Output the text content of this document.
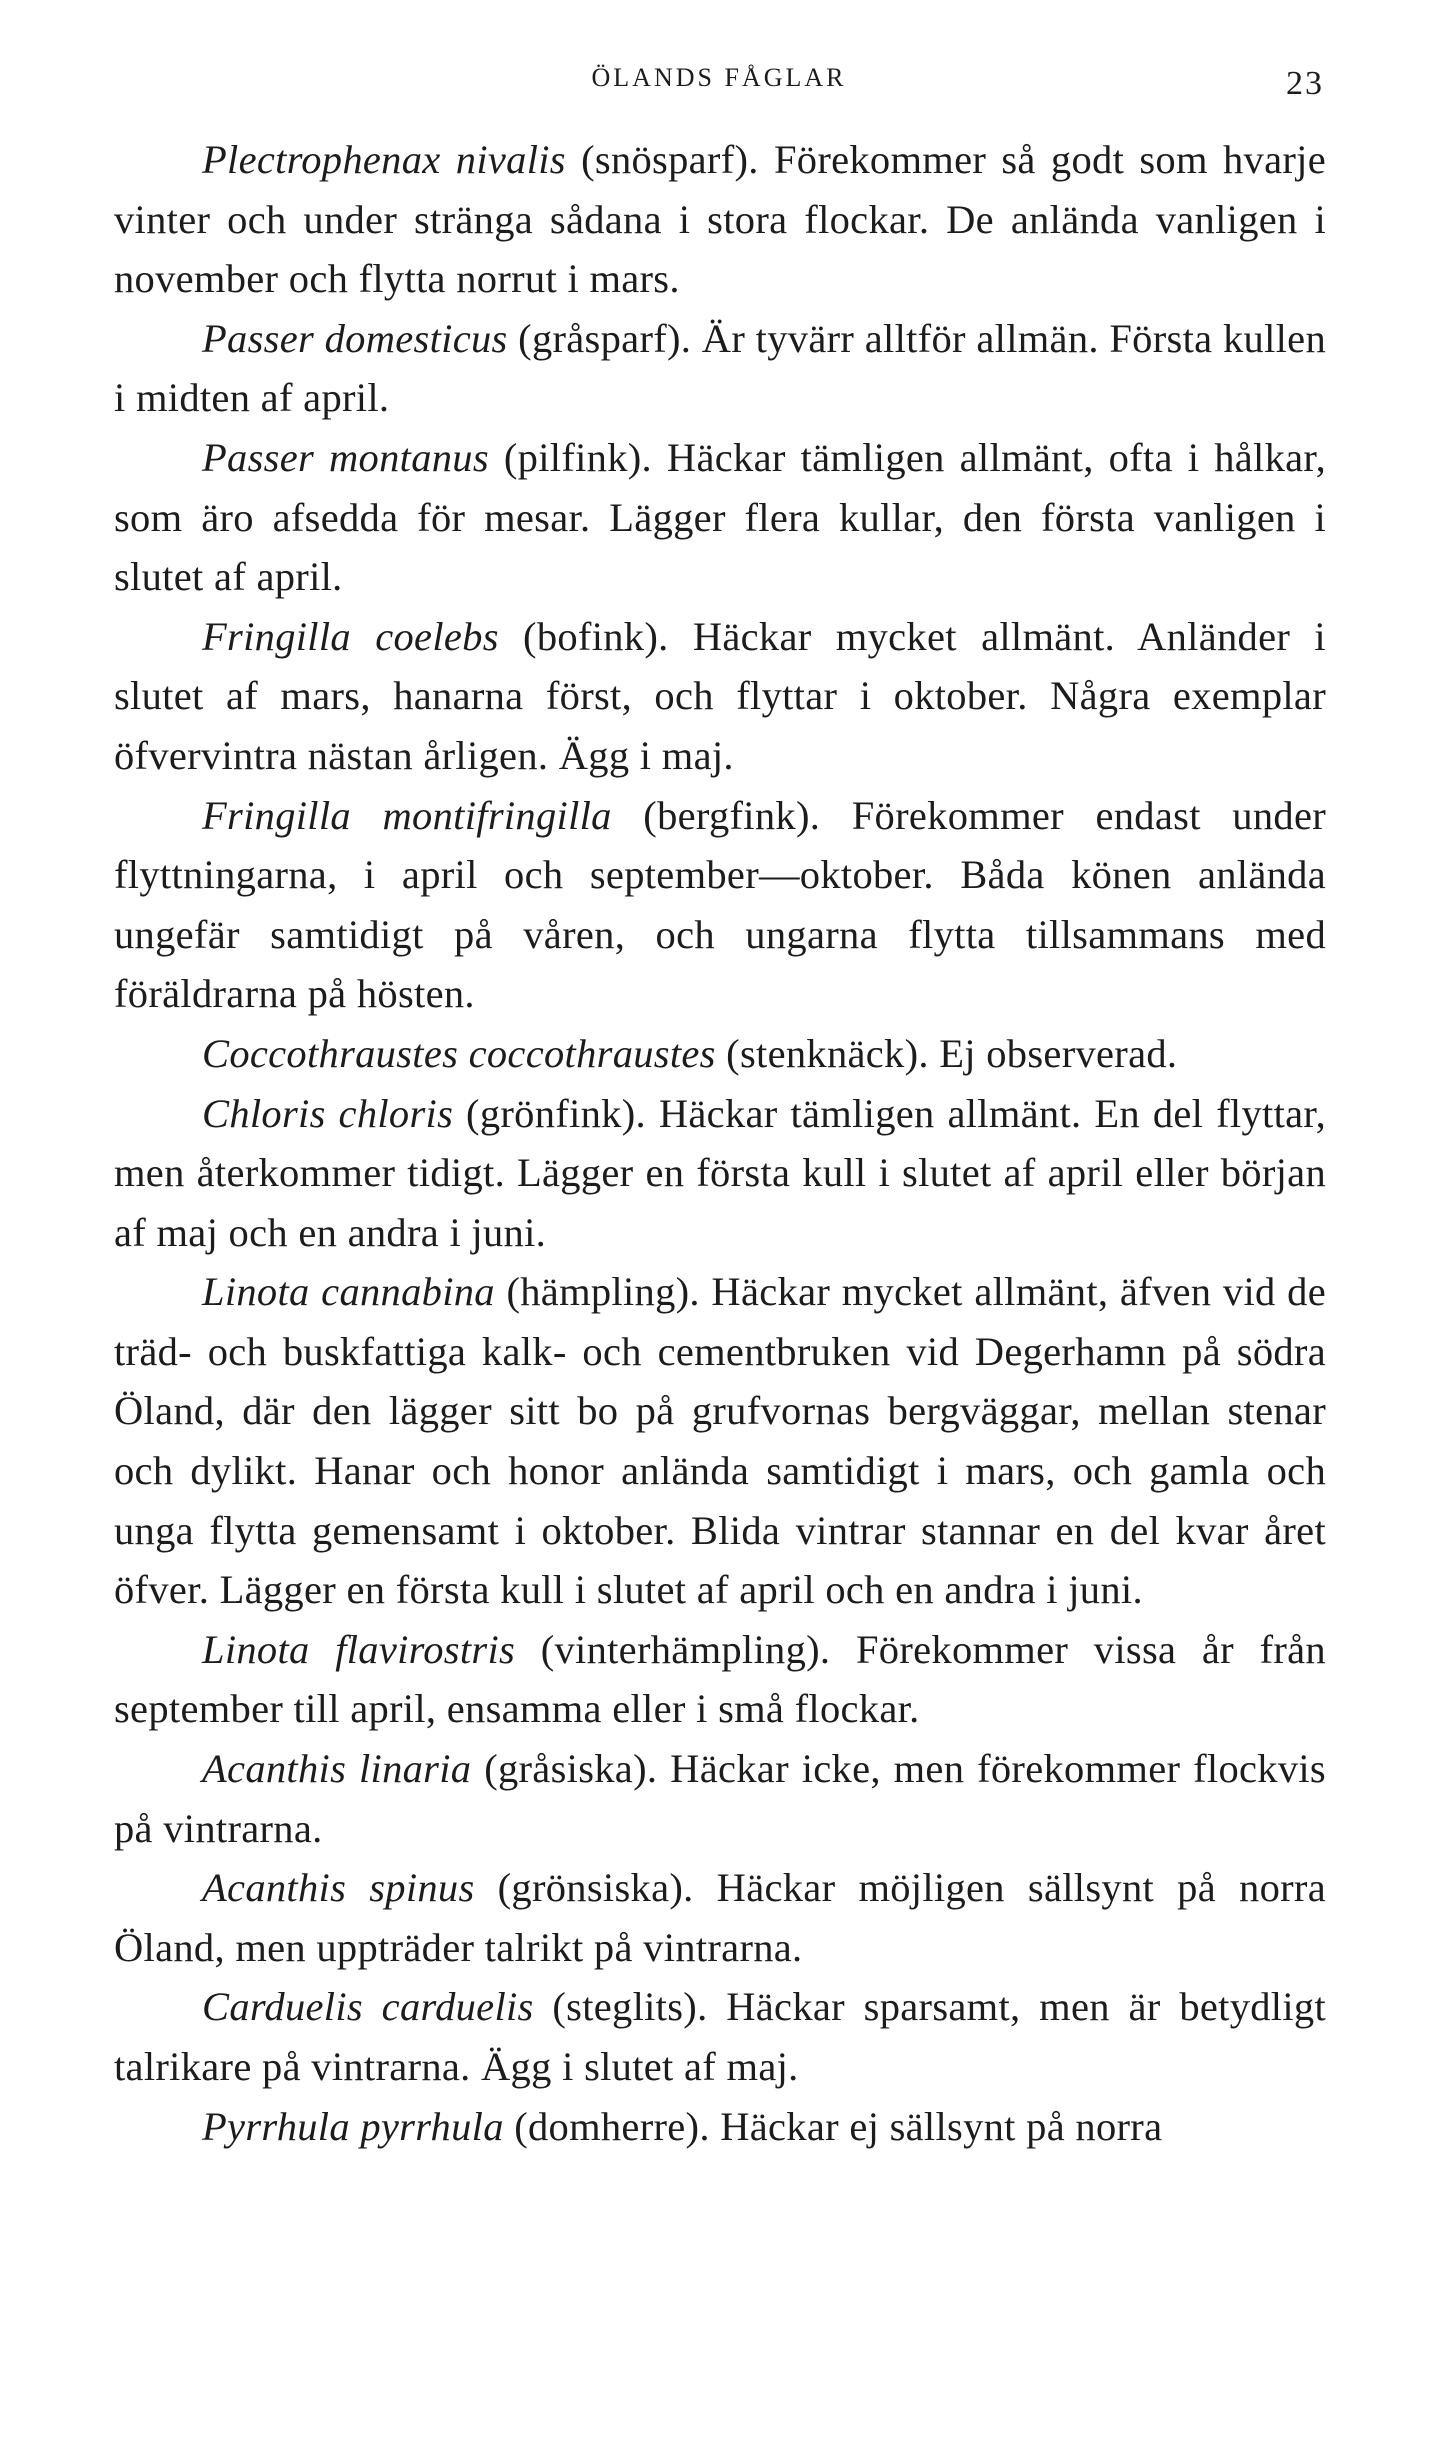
ÖLANDS FÅGLAR	23

Plectrophenax nivalis (snösparf). Förekommer så godt som hvarje vinter och under stränga sådana i stora flockar. De anlända vanligen i november och flytta norrut i mars.

Passer domesticus (gråsparf). Är tyvärr alltför allmän. Första kullen i midten af april.

Passer montanus (pilfink). Häckar tämligen allmänt, ofta i hålkar, som äro afsedda för mesar. Lägger flera kullar, den första vanligen i slutet af april.

Fringilla coelebs (bofink). Häckar mycket allmänt. Anländer i slutet af mars, hanarna först, och flyttar i oktober. Några exemplar öfvervintra nästan årligen. Ägg i maj.

Fringilla montifringilla (bergfink). Förekommer endast under flyttningarna, i april och september—oktober. Båda könen anlända ungefär samtidigt på våren, och ungarna flytta tillsammans med föräldrarna på hösten.

Coccothraustes coccothraustes (stenknäck). Ej observerad.

Chloris chloris (grönfink). Häckar tämligen allmänt. En del flyttar, men återkommer tidigt. Lägger en första kull i slutet af april eller början af maj och en andra i juni.

Linota cannabina (hämpling). Häckar mycket allmänt, äfven vid de träd- och buskfattiga kalk- och cementbruken vid Degerhamn på södra Öland, där den lägger sitt bo på grufvornas bergväggar, mellan stenar och dylikt. Hanar och honor anlända samtidigt i mars, och gamla och unga flytta gemensamt i oktober. Blida vintrar stannar en del kvar året öfver. Lägger en första kull i slutet af april och en andra i juni.

Linota flavirostris (vinterhämpling). Förekommer vissa år från september till april, ensamma eller i små flockar.

Acanthis linaria (gråsiska). Häckar icke, men förekommer flockvis på vintrarna.

Acanthis spinus (grönsiska). Häckar möjligen sällsynt på norra Öland, men uppträder talrikt på vintrarna.

Carduelis carduelis (steglits). Häckar sparsamt, men är betydligt talrikare på vintrarna. Ägg i slutet af maj.

Pyrrhula pyrrhula (domherre). Häckar ej sällsynt på norra
